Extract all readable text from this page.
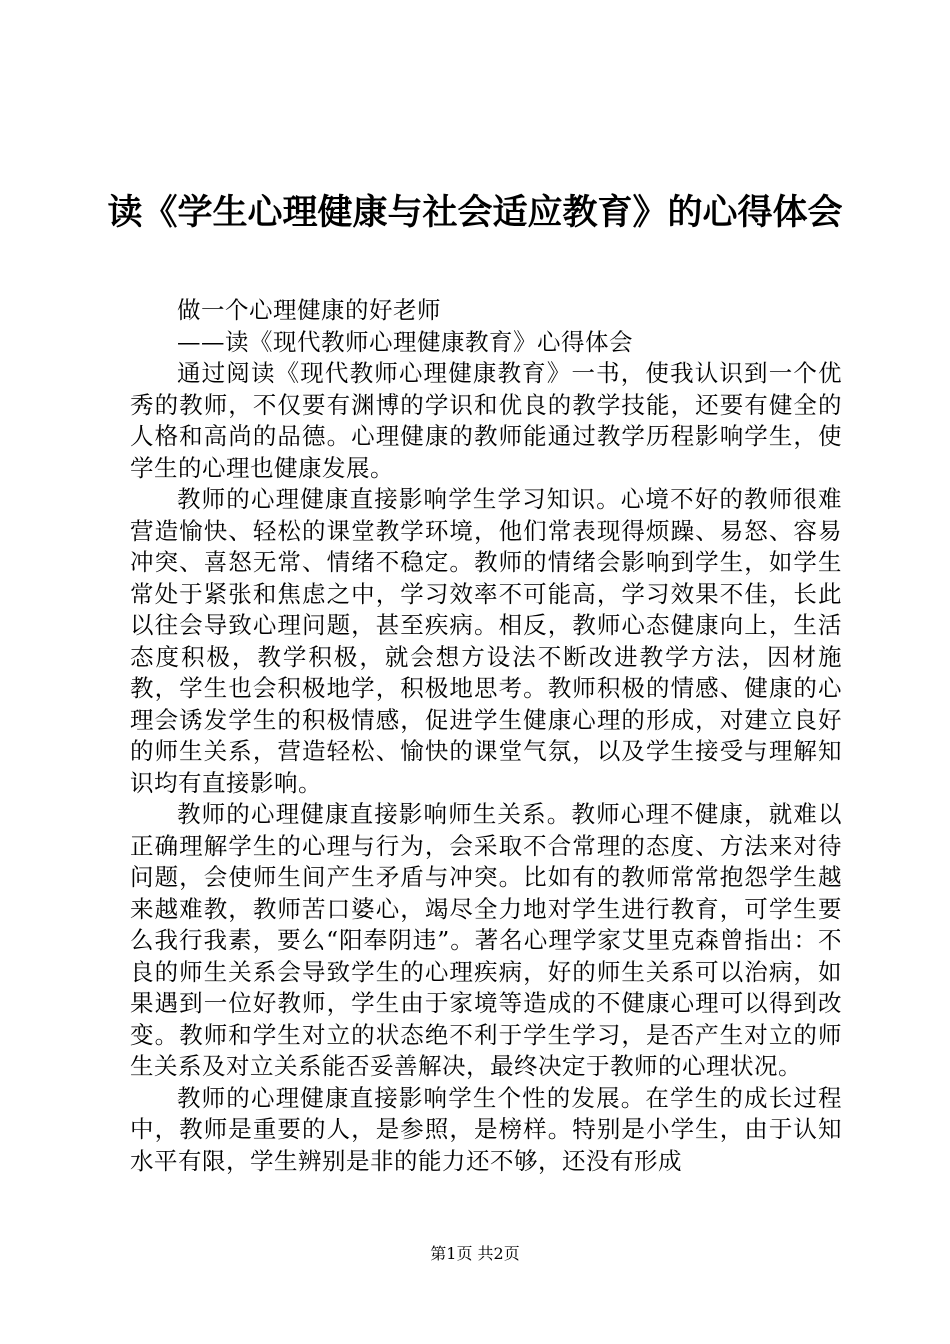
读《学生心理健康与社会适应教育》的心得体会

做一个心理健康的好老师

——读《现代教师心理健康教育》心得体会

通过阅读《现代教师心理健康教育》一书，使我认识到一个优秀的教师，不仅要有渊博的学识和优良的教学技能，还要有健全的人格和高尚的品德。心理健康的教师能通过教学历程影响学生，使学生的心理也健康发展。

教师的心理健康直接影响学生学习知识。心境不好的教师很难营造愉快、轻松的课堂教学环境，他们常表现得烦躁、易怒、容易冲突、喜怒无常、情绪不稳定。教师的情绪会影响到学生，如学生常处于紧张和焦虑之中，学习效率不可能高，学习效果不佳，长此以往会导致心理问题，甚至疾病。相反，教师心态健康向上，生活态度积极，教学积极，就会想方设法不断改进教学方法，因材施教，学生也会积极地学，积极地思考。教师积极的情感、健康的心理会诱发学生的积极情感，促进学生健康心理的形成，对建立良好的师生关系，营造轻松、愉快的课堂气氛，以及学生接受与理解知识均有直接影响。

教师的心理健康直接影响师生关系。教师心理不健康，就难以正确理解学生的心理与行为，会采取不合常理的态度、方法来对待问题，会使师生间产生矛盾与冲突。比如有的教师常常抱怨学生越来越难教，教师苦口婆心，竭尽全力地对学生进行教育，可学生要么我行我素，要么“阳奉阴违”。著名心理学家艾里克森曾指出：不良的师生关系会导致学生的心理疾病，好的师生关系可以治病，如果遇到一位好教师，学生由于家境等造成的不健康心理可以得到改变。教师和学生对立的状态绝不利于学生学习，是否产生对立的师生关系及对立关系能否妥善解决，最终决定于教师的心理状况。

教师的心理健康直接影响学生个性的发展。在学生的成长过程中，教师是重要的人，是参照，是榜样。特别是小学生，由于认知水平有限，学生辨别是非的能力还不够，还没有形成

第1页 共2页
